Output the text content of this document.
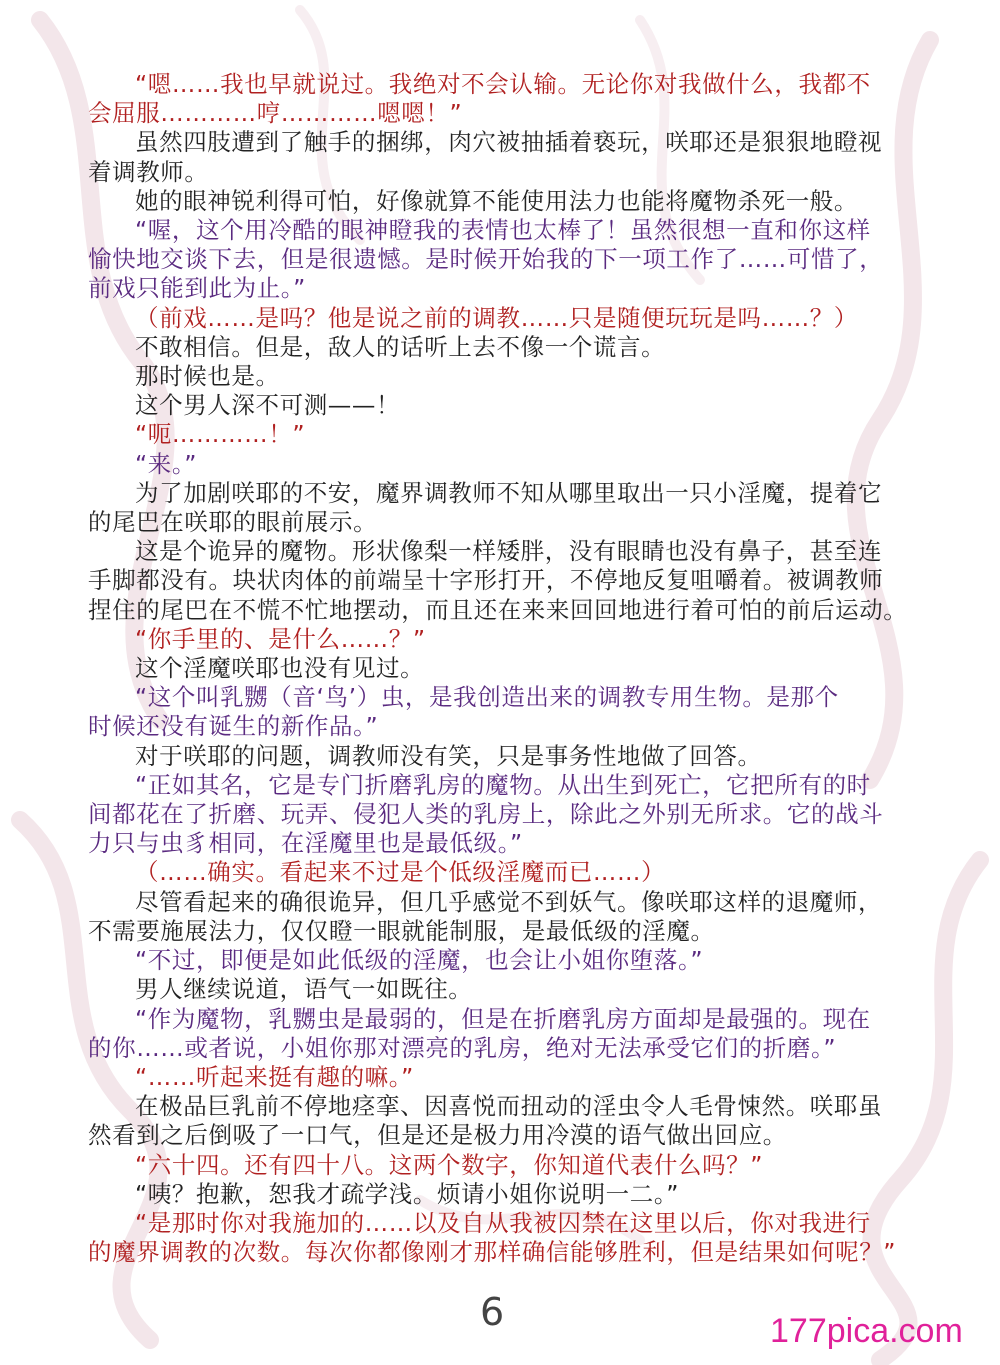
“嗯……我也早就说过。我绝对不会认输。无论你对我做什么，我都不
会屈服…………哼…………嗯嗯！”
虽然四肢遭到了触手的捆绑，肉穴被抽插着亵玩，咲耶还是狠狠地瞪视
着调教师。
她的眼神锐利得可怕，好像就算不能使用法力也能将魔物杀死一般。
“喔，这个用冷酷的眼神瞪我的表情也太棒了！虽然很想一直和你这样
愉快地交谈下去，但是很遗憾。是时候开始我的下一项工作了……可惜了，
前戏只能到此为止。”
（前戏……是吗？他是说之前的调教……只是随便玩玩是吗……？）
不敢相信。但是，敌人的话听上去不像一个谎言。
那时候也是。
这个男人深不可测——！
“呃…………！”
“来。”
为了加剧咲耶的不安，魔界调教师不知从哪里取出一只小淫魔，提着它
的尾巴在咲耶的眼前展示。
这是个诡异的魔物。形状像梨一样矮胖，没有眼睛也没有鼻子，甚至连
手脚都没有。块状肉体的前端呈十字形打开，不停地反复咀嚼着。被调教师
捏住的尾巴在不慌不忙地摆动，而且还在来来回回地进行着可怕的前后运动。
“你手里的、是什么……？”
这个淫魔咲耶也没有见过。
“这个叫乳嬲（音‘鸟’）虫，是我创造出来的调教专用生物。是那个
时候还没有诞生的新作品。”
对于咲耶的问题，调教师没有笑，只是事务性地做了回答。
“正如其名，它是专门折磨乳房的魔物。从出生到死亡，它把所有的时
间都花在了折磨、玩弄、侵犯人类的乳房上，除此之外别无所求。它的战斗
力只与虫豸相同，在淫魔里也是最低级。”
（……确实。看起来不过是个低级淫魔而已……）
尽管看起来的确很诡异，但几乎感觉不到妖气。像咲耶这样的退魔师，
不需要施展法力，仅仅瞪一眼就能制服，是最低级的淫魔。
“不过，即便是如此低级的淫魔，也会让小姐你堕落。”
男人继续说道，语气一如既往。
“作为魔物，乳嬲虫是最弱的，但是在折磨乳房方面却是最强的。现在
的你……或者说，小姐你那对漂亮的乳房，绝对无法承受它们的折磨。”
“……听起来挺有趣的嘛。”
在极品巨乳前不停地痉挛、因喜悦而扭动的淫虫令人毛骨悚然。咲耶虽
然看到之后倒吸了一口气，但是还是极力用冷漠的语气做出回应。
“六十四。还有四十八。这两个数字，你知道代表什么吗？”
“咦？抱歉，恕我才疏学浅。烦请小姐你说明一二。”
“是那时你对我施加的……以及自从我被囚禁在这里以后，你对我进行
的魔界调教的次数。每次你都像刚才那样确信能够胜利，但是结果如何呢？”
6	177pica.com
